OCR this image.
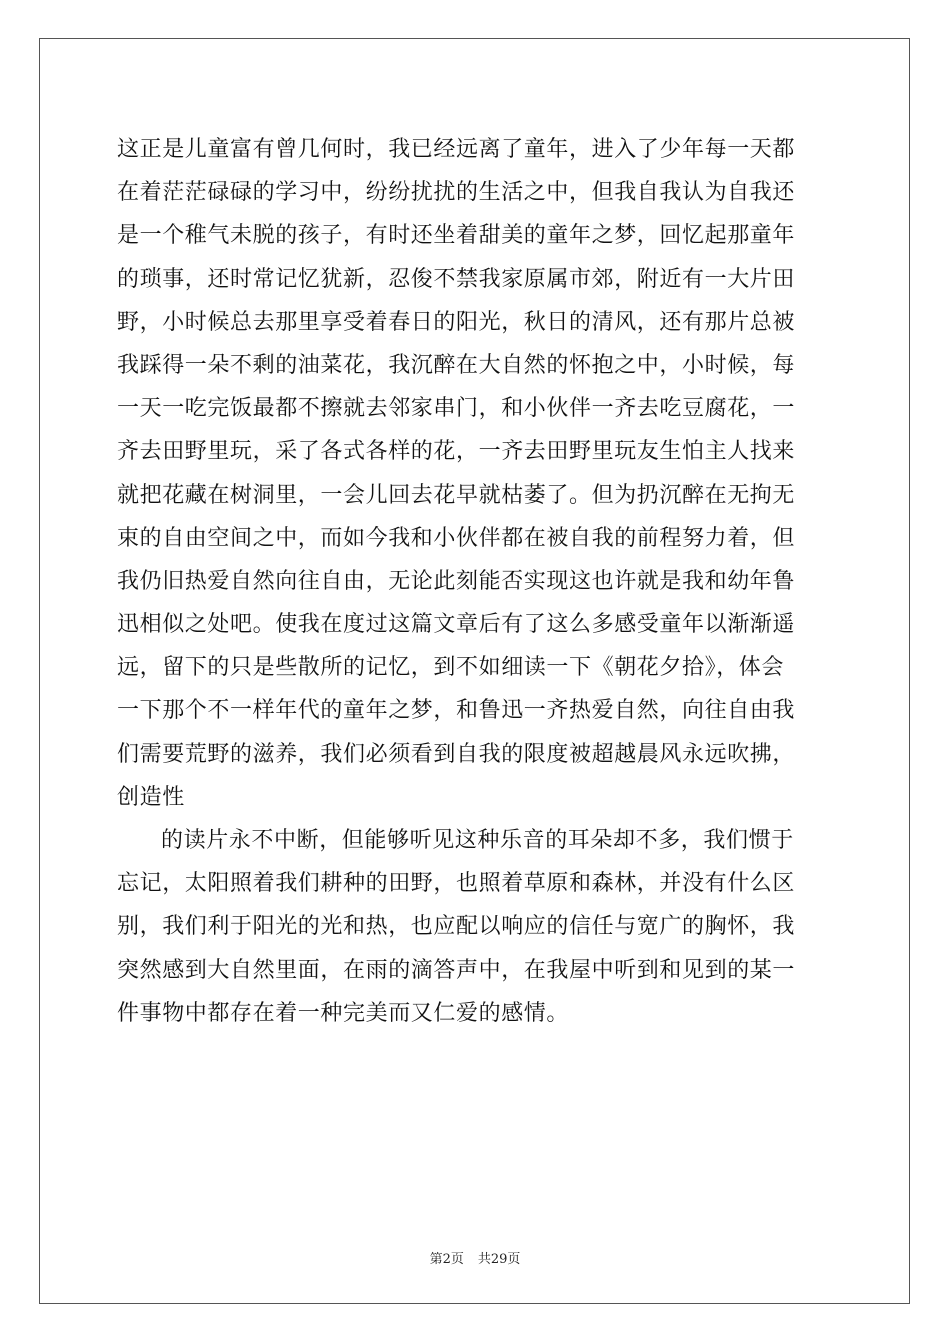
这正是儿童富有曾几何时，我已经远离了童年，进入了少年每一天都
在着茫茫碌碌的学习中，纷纷扰扰的生活之中，但我自我认为自我还
是一个稚气未脱的孩子，有时还坐着甜美的童年之梦，回忆起那童年
的琐事，还时常记忆犹新，忍俊不禁我家原属市郊，附近有一大片田
野，小时候总去那里享受着春日的阳光，秋日的清风，还有那片总被
我踩得一朵不剩的油菜花，我沉醉在大自然的怀抱之中，小时候，每
一天一吃完饭最都不擦就去邻家串门，和小伙伴一齐去吃豆腐花，一
齐去田野里玩，采了各式各样的花，一齐去田野里玩友生怕主人找来
就把花藏在树洞里，一会儿回去花早就枯萎了。但为扔沉醉在无拘无
束的自由空间之中，而如今我和小伙伴都在被自我的前程努力着，但
我仍旧热爱自然向往自由，无论此刻能否实现这也许就是我和幼年鲁
迅相似之处吧。使我在度过这篇文章后有了这么多感受童年以渐渐遥
远，留下的只是些散所的记忆，到不如细读一下《朝花夕拾》，体会
一下那个不一样年代的童年之梦，和鲁迅一齐热爱自然，向往自由我
们需要荒野的滋养，我们必须看到自我的限度被超越晨风永远吹拂，
创造性
的读片永不中断，但能够听见这种乐音的耳朵却不多，我们惯于
忘记，太阳照着我们耕种的田野，也照着草原和森林，并没有什么区
别，我们利于阳光的光和热，也应配以响应的信任与宽广的胸怀，我
突然感到大自然里面，在雨的滴答声中，在我屋中听到和见到的某一
件事物中都存在着一种完美而又仁爱的感情。
第2页 共29页
